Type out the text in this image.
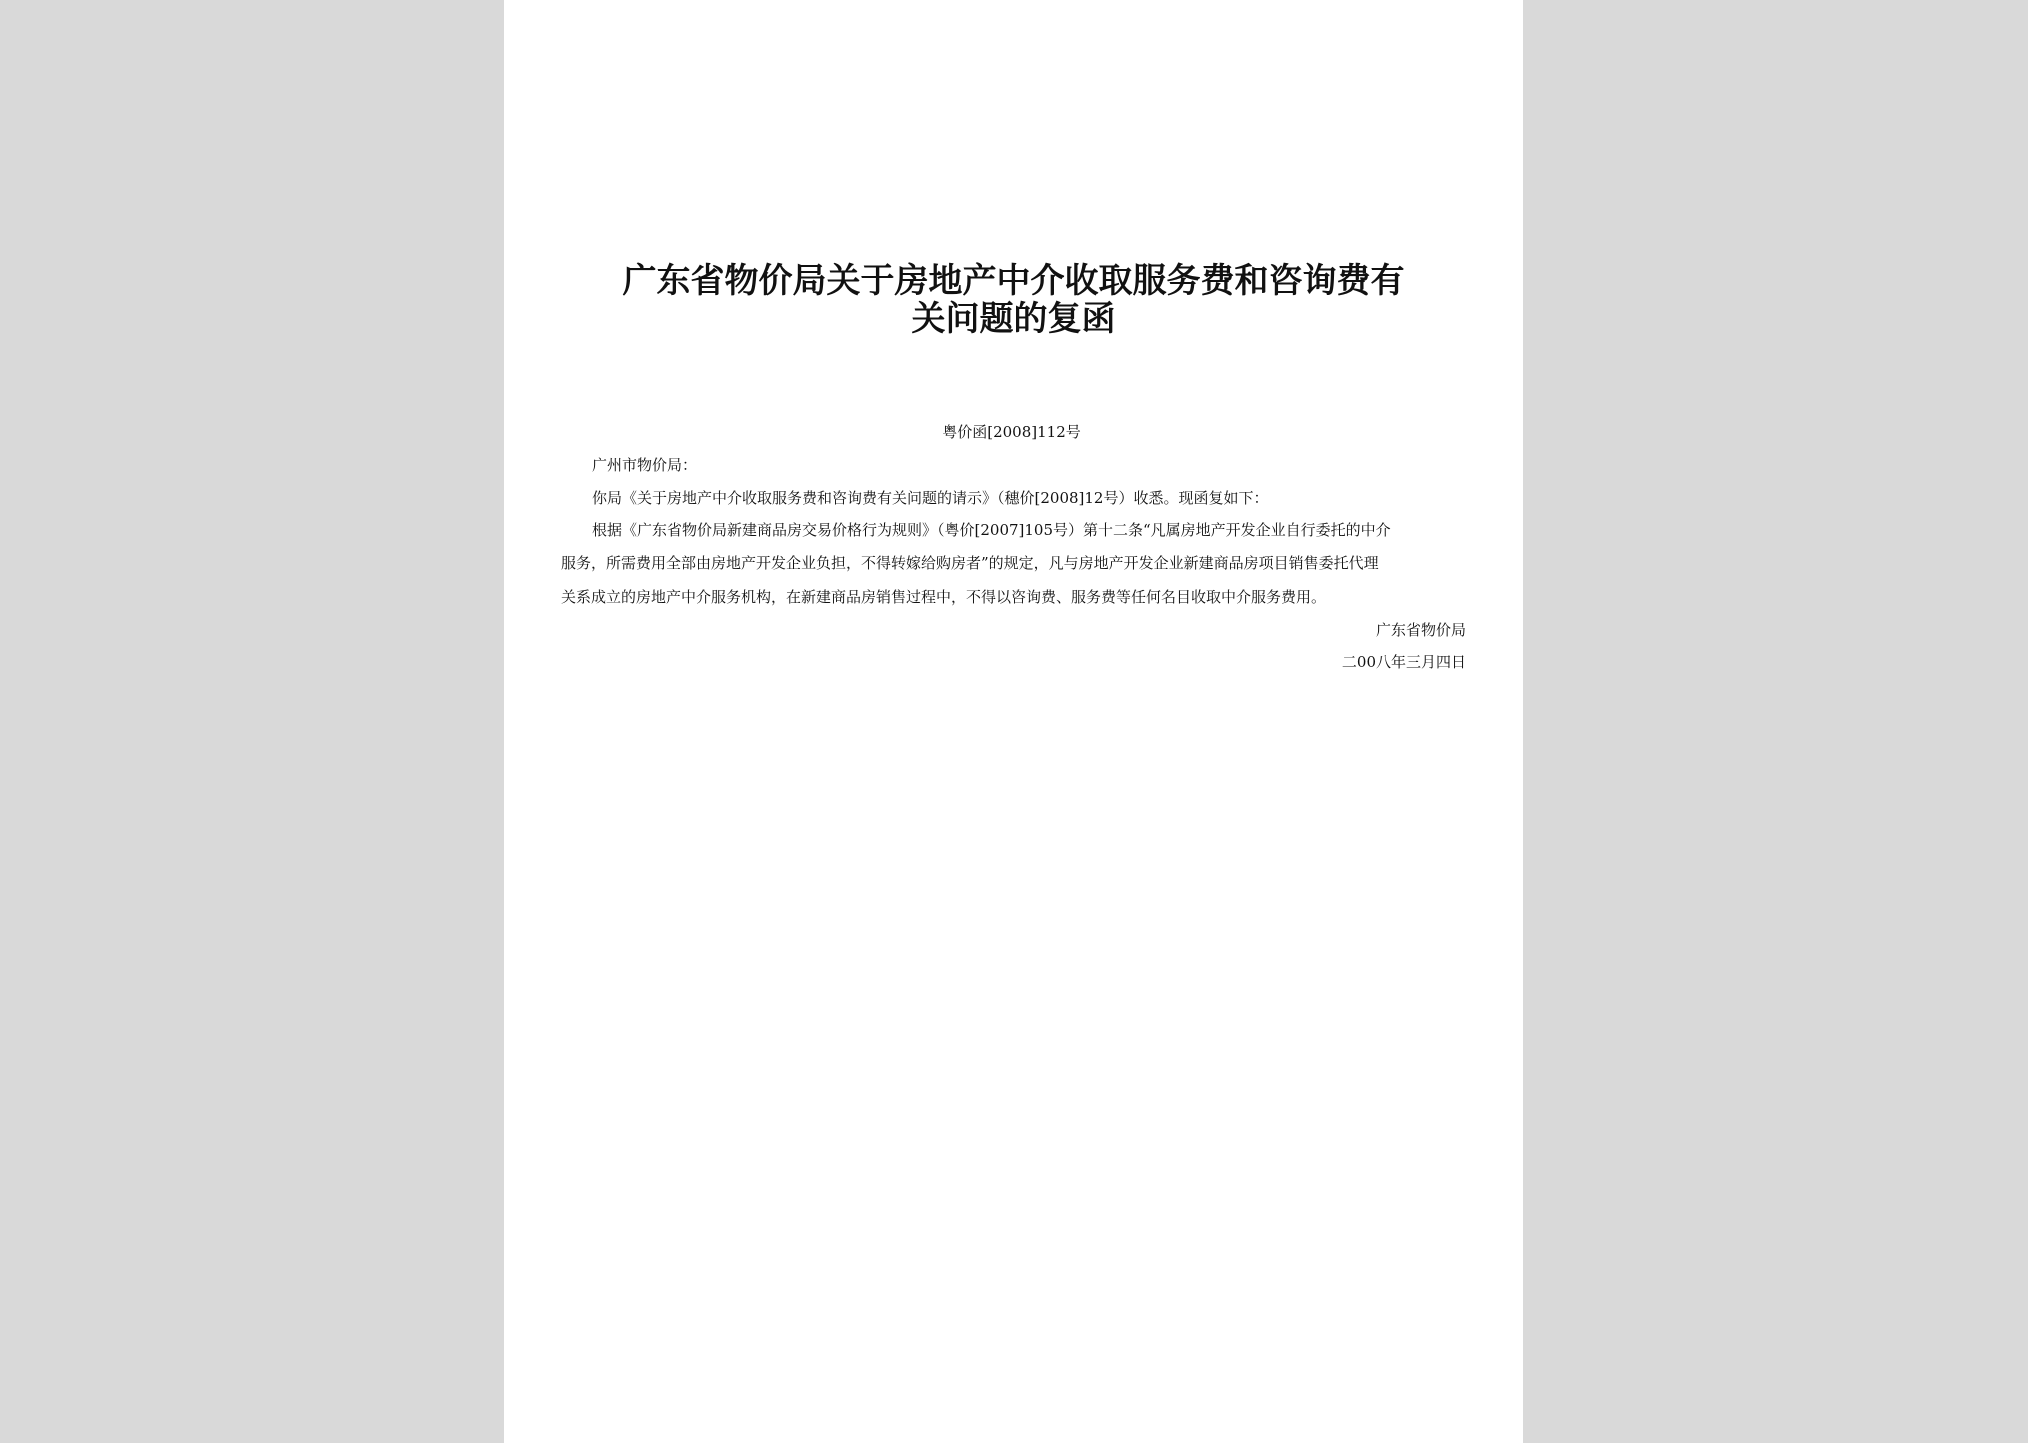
广东省物价局关于房地产中介收取服务费和咨询费有
关问题的复函
粤价函[2008]112号
广州市物价局：
你局《关于房地产中介收取服务费和咨询费有关问题的请示》（穗价[2008]12号）收悉。现函复如下：
根据《广东省物价局新建商品房交易价格行为规则》（粤价[2007]105号）第十二条“凡属房地产开发企业自行委托的中介
服务，所需费用全部由房地产开发企业负担，不得转嫁给购房者”的规定，凡与房地产开发企业新建商品房项目销售委托代理
关系成立的房地产中介服务机构，在新建商品房销售过程中，不得以咨询费、服务费等任何名目收取中介服务费用。
广东省物价局
二00八年三月四日
